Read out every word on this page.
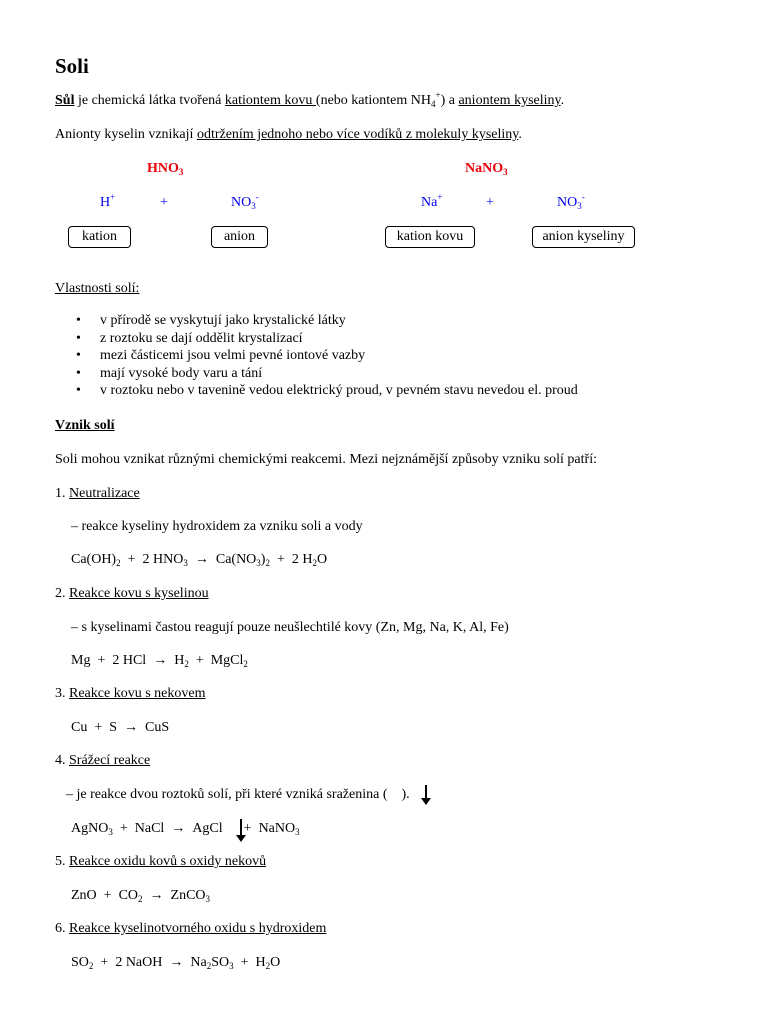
Soli
Sůl je chemická látka tvořená kationtem kovu (nebo kationtem $NH_4^+$) a aniontem kyseliny.
Anionty kyselin vznikají odtržením jednoho nebo více vodíků z molekuly kyseliny.
$HNO_3$	NaNO$_3$
H+	+	$NO_3^-$	Na+	+	$NO_3^-$
kation	anion	kation kovu	anion kyseliny
Vlastnosti solí:
• v přírodě se vyskytují jako krystalické látky
• z roztoku se dají oddělit krystalizací
• mezi částicemi jsou velmi pevné iontové vazby
• mají vysoké body varu a tání
• v roztoku nebo v tavenině vedou elektrický proud, v pevném stavu nevedou el. proud
Vznik solí
Soli mohou vznikat různými chemickými reakcemi. Mezi nejznámější způsoby vzniku solí patří:
1. Neutralizace
– reakce kyseliny hydroxidem za vzniku soli a vody
$Ca(OH)_2 + 2$ $HNO_3 \to Ca(NO_3)_2 + 2$ $H_2O$
2. Reakce kovu s kyselinou
– s kyselinami častou reagují pouze neušlechtilé kovy (Zn, Mg, Na, K, Al, Fe)
Mg + 2 HCl → $H_2$ + MgCl$_2$
3. Reakce kovu s nekovem
Cu + S → CuS
4. Srážecí reakce
– je reakce dvou roztoků solí, při které vzniká sraženina ( ).
AgNO$_3$ + NaCl → AgCl + NaNO$_3$
5. Reakce oxidu kovů s oxidy nekovů
ZnO + $CO_2$ → ZnCO$_3$
6. Reakce kyselinotvorného oxidu s hydroxidem
$SO_2 + 2$ NaOH → $Na_2SO_3 + H_2O$
